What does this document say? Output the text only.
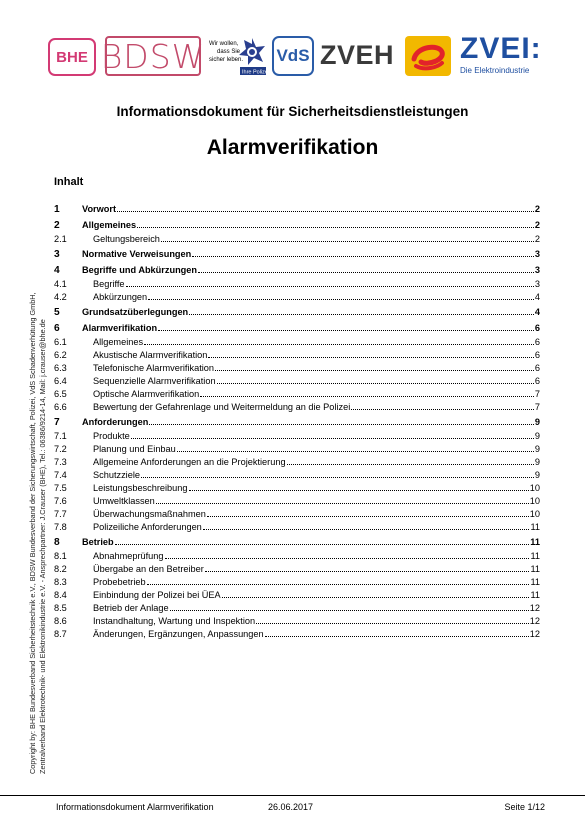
BHE BDSW Wir wollen,
dass Sie
sicher leben.
Ihre Polizei
VdS ZVEH ZVEI:
Die Elektroindustrie
Informationsdokument für Sicherheitsdienstleistungen
Alarmverifikation
Copyright by: BHE Bundesverband Sicherheitstechnik e.V., BDSW Bundesverband der Sicherungswirtschaft, Polizei, VdS Schadenverhütung GmbH, Zentralverband Elektrotechnik- und Elektronikindustrie e.V. - Ansprechpartner: J.Crauser (BHE), Tel.: 06386/9214-14, Mail: j.crauser@bhe.de
Inhalt
1	Vorwort	2
2	Allgemeines	2
2.1	Geltungsbereich	2
3	Normative Verweisungen	3
4	Begriffe und Abkürzungen	3
4.1	Begriffe	3
4.2	Abkürzungen	4
5	Grundsatzüberlegungen	4
6	Alarmverifikation	6
6.1	Allgemeines	6
6.2	Akustische Alarmverifikation	6
6.3	Telefonische Alarmverifikation	6
6.4	Sequenzielle Alarmverifikation	6
6.5	Optische Alarmverifikation	7
6.6	Bewertung der Gefahrenlage und Weitermeldung an die Polizei	7
7	Anforderungen	9
7.1	Produkte	9
7.2	Planung und Einbau	9
7.3	Allgemeine Anforderungen an die Projektierung	9
7.4	Schutzziele	9
7.5	Leistungsbeschreibung	10
7.6	Umweltklassen	10
7.7	Überwachungsmaßnahmen	10
7.8	Polizeiliche Anforderungen	11
8	Betrieb	11
8.1	Abnahmeprüfung	11
8.2	Übergabe an den Betreiber	11
8.3	Probebetrieb	11
8.4	Einbindung der Polizei bei ÜEA	11
8.5	Betrieb der Anlage	12
8.6	Instandhaltung, Wartung und Inspektion	12
8.7	Änderungen, Ergänzungen, Anpassungen	12
Informationsdokument Alarmverifikation	26.06.2017	Seite 1/12
